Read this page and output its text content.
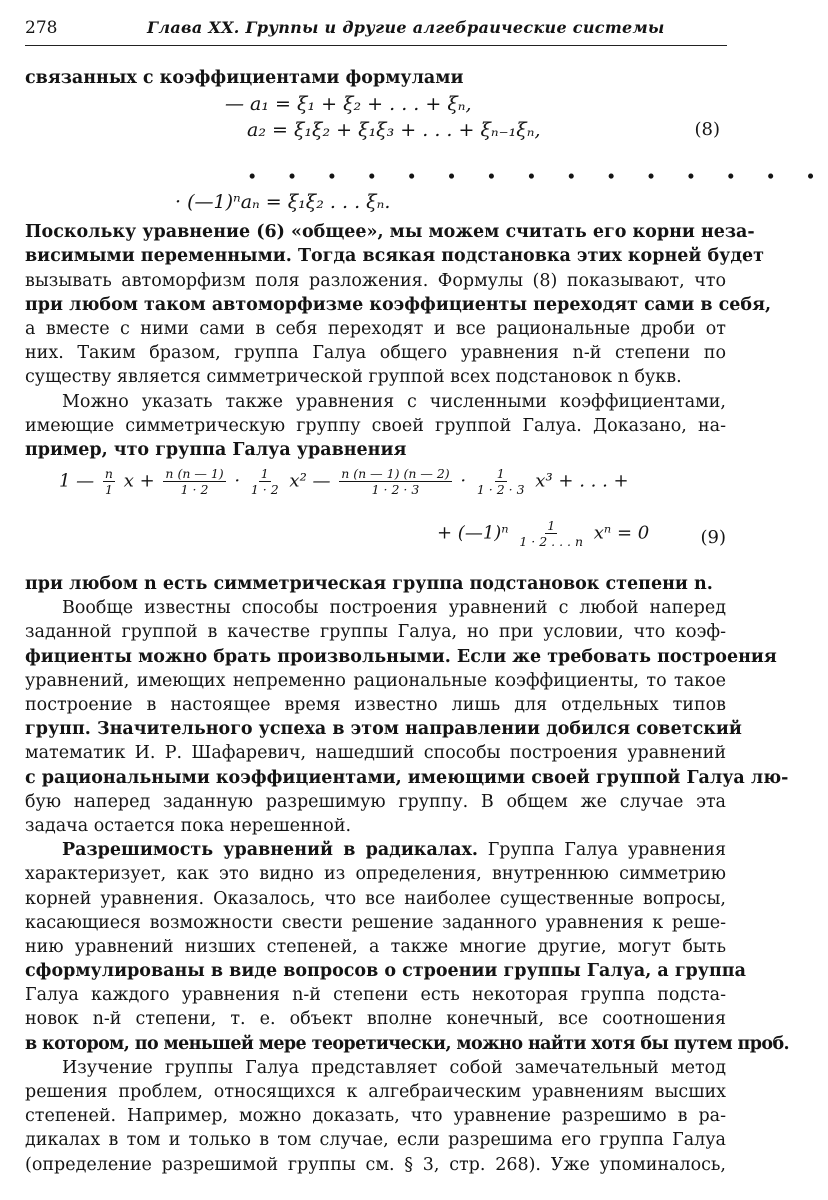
278	Глава XX. Группы и другие алгебраические системы
связанных с коэффициентами формулами
— a₁ = ξ₁ + ξ₂ + . . . + ξₙ,
a₂ = ξ₁ξ₂ + ξ₁ξ₃ + . . . + ξₙ₋₁ξₙ,	(8)
• • • • • • • • • • • • • • •
· (—1)ⁿaₙ = ξ₁ξ₂ . . . ξₙ.
Поскольку уравнение (6) «общее», мы можем считать его корни неза-
висимыми переменными. Тогда всякая подстановка этих корней будет
вызывать автоморфизм поля разложения. Формулы (8) показывают, что
при любом таком автоморфизме коэффициенты переходят сами в себя,
а вместе с ними сами в себя переходят и все рациональные дроби от
них. Таким бразом, группа Галуа общего уравнения n-й степени по
существу является симметрической группой всех подстановок n букв.
Можно указать также уравнения с численными коэффициентами,
имеющие симметрическую группу своей группой Галуа. Доказано, на-
пример, что группа Галуа уравнения
1 — $\frac{n}{1}$ $x + \frac{n (n — 1)}{1 \cdot 2} \cdot \frac{1}{1 \cdot 2} x^2$ — $\frac{n (n — 1) (n — 2)}{1 \cdot 2 \cdot 3} \cdot \frac{1}{1 \cdot 2 \cdot 3} x^3$ + . . . +
+ (—1)ⁿ $\frac{1}{1 \cdot 2 . . . n}$ xⁿ = 0	(9)
при любом n есть симметрическая группа подстановок степени n.
Вообще известны способы построения уравнений с любой наперед
заданной группой в качестве группы Галуа, но при условии, что коэф-
фициенты можно брать произвольными. Если же требовать построения
уравнений, имеющих непременно рациональные коэффициенты, то такое
построение в настоящее время известно лишь для отдельных типов
групп. Значительного успеха в этом направлении добился советский
математик И. Р. Шафаревич, нашедший способы построения уравнений
с рациональными коэффициентами, имеющими своей группой Галуа лю-
бую наперед заданную разрешимую группу. В общем же случае эта
задача остается пока нерешенной.
Разрешимость уравнений в радикалах. Группа Галуа уравнения
характеризует, как это видно из определения, внутреннюю симметрию
корней уравнения. Оказалось, что все наиболее существенные вопросы,
касающиеся возможности свести решение заданного уравнения к реше-
нию уравнений низших степеней, а также многие другие, могут быть
сформулированы в виде вопросов о строении группы Галуа, а группа
Галуа каждого уравнения n-й степени есть некоторая группа подста-
новок n-й степени, т. е. объект вполне конечный, все соотношения
в котором, по меньшей мере теоретически, можно найти хотя бы путем проб.
Изучение группы Галуа представляет собой замечательный метод
решения проблем, относящихся к алгебраическим уравнениям высших
степеней. Например, можно доказать, что уравнение разрешимо в ра-
дикалах в том и только в том случае, если разрешима его группа Галуа
(определение разрешимой группы см. § 3, стр. 268). Уже упоминалось,
